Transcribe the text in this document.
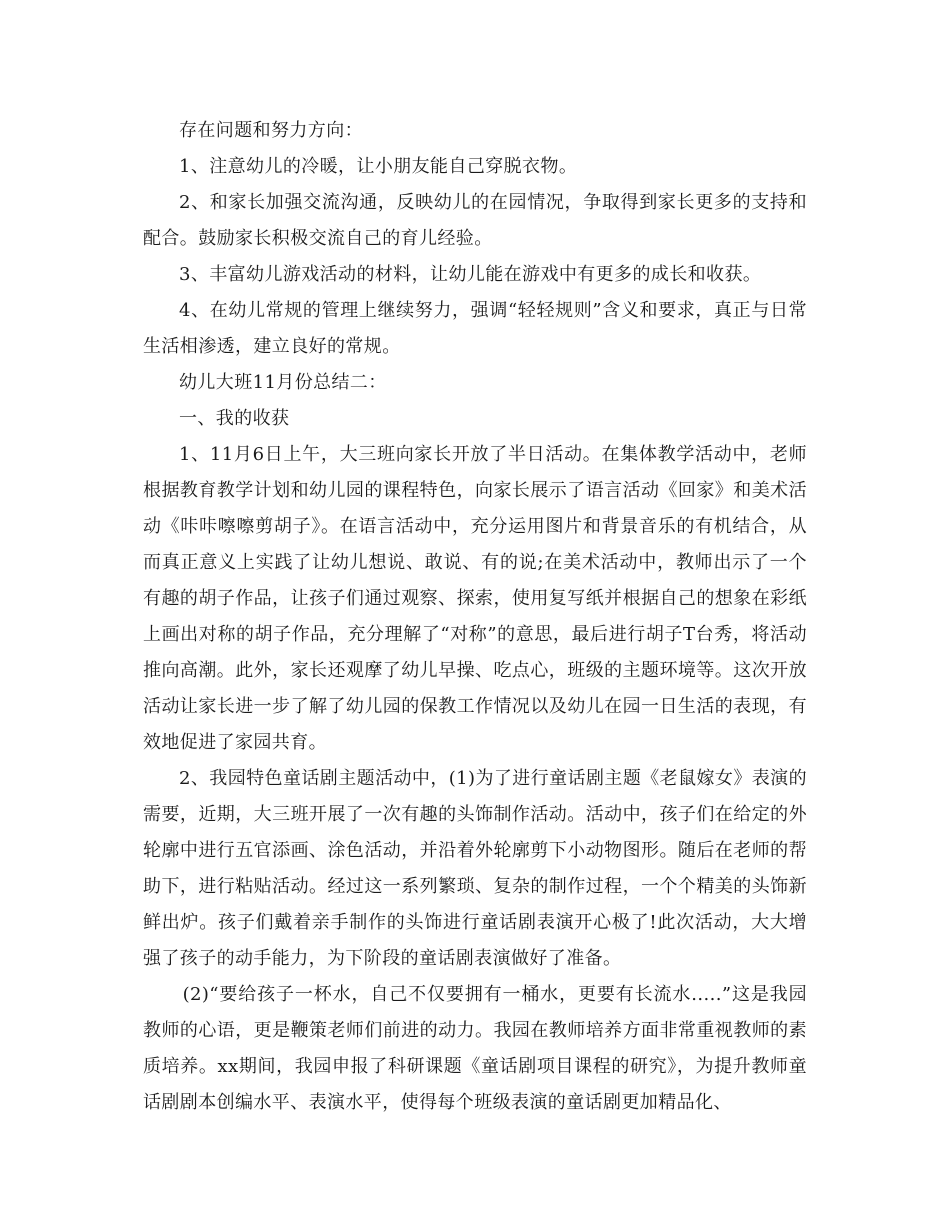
存在问题和努力方向：

1、注意幼儿的冷暖，让小朋友能自己穿脱衣物。

2、和家长加强交流沟通，反映幼儿的在园情况，争取得到家长更多的支持和配合。鼓励家长积极交流自己的育儿经验。

3、丰富幼儿游戏活动的材料，让幼儿能在游戏中有更多的成长和收获。

4、在幼儿常规的管理上继续努力，强调“轻轻规则”含义和要求，真正与日常生活相渗透，建立良好的常规。

幼儿大班11月份总结二：

一、我的收获

1、11月6日上午，大三班向家长开放了半日活动。在集体教学活动中，老师根据教育教学计划和幼儿园的课程特色，向家长展示了语言活动《回家》和美术活动《咔咔嚓嚓剪胡子》。在语言活动中，充分运用图片和背景音乐的有机结合，从而真正意义上实践了让幼儿想说、敢说、有的说;在美术活动中，教师出示了一个有趣的胡子作品，让孩子们通过观察、探索，使用复写纸并根据自己的想象在彩纸上画出对称的胡子作品，充分理解了“对称”的意思，最后进行胡子T台秀，将活动推向高潮。此外，家长还观摩了幼儿早操、吃点心，班级的主题环境等。这次开放活动让家长进一步了解了幼儿园的保教工作情况以及幼儿在园一日生活的表现，有效地促进了家园共育。

2、我园特色童话剧主题活动中，(1)为了进行童话剧主题《老鼠嫁女》表演的需要，近期，大三班开展了一次有趣的头饰制作活动。活动中，孩子们在给定的外轮廓中进行五官添画、涂色活动，并沿着外轮廓剪下小动物图形。随后在老师的帮助下，进行粘贴活动。经过这一系列繁琐、复杂的制作过程，一个个精美的头饰新鲜出炉。孩子们戴着亲手制作的头饰进行童话剧表演开心极了!此次活动，大大增强了孩子的动手能力，为下阶段的童话剧表演做好了准备。

(2)“要给孩子一杯水，自己不仅要拥有一桶水，更要有长流水.....”这是我园教师的心语，更是鞭策老师们前进的动力。我园在教师培养方面非常重视教师的素质培养。xx期间，我园申报了科研课题《童话剧项目课程的研究》，为提升教师童话剧剧本创编水平、表演水平，使得每个班级表演的童话剧更加精品化、
